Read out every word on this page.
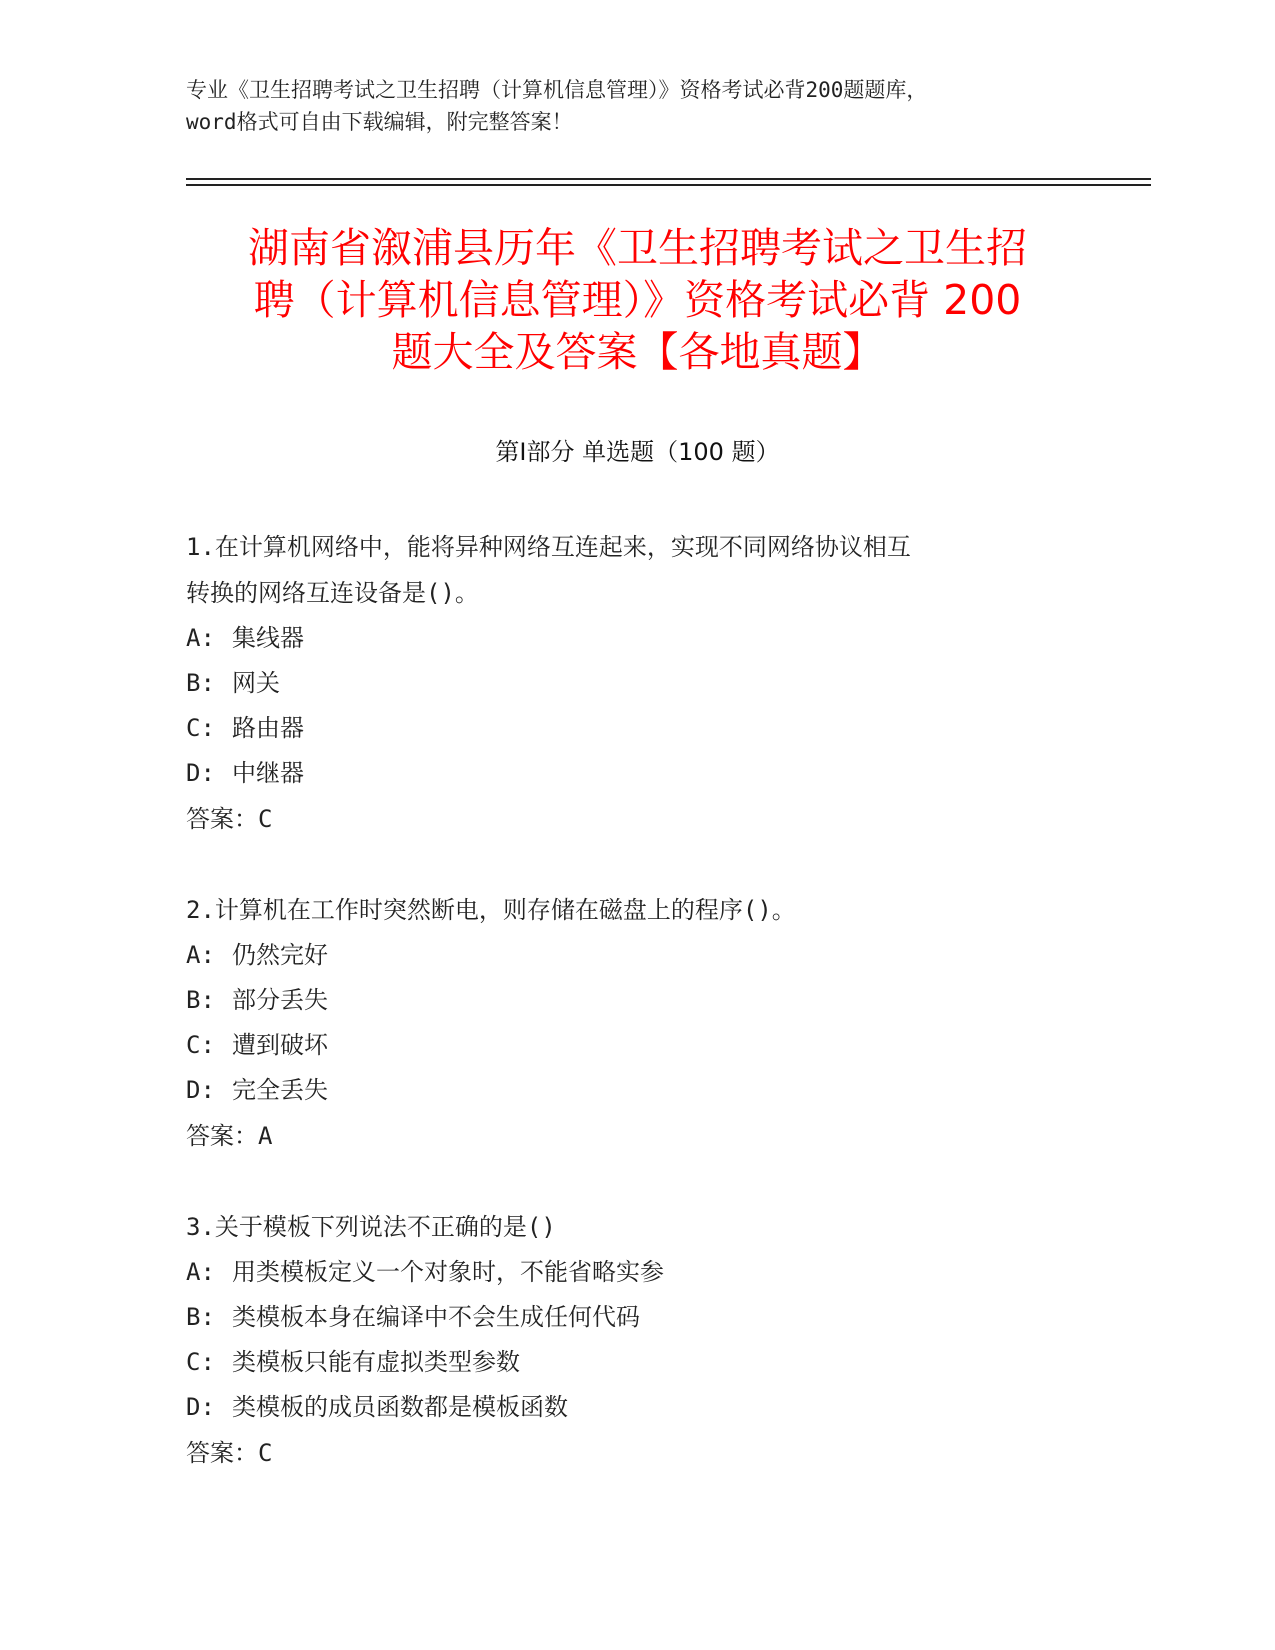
专业《卫生招聘考试之卫生招聘（计算机信息管理）》资格考试必背200题题库，
word格式可自由下载编辑，附完整答案！
湖南省溆浦县历年《卫生招聘考试之卫生招
聘（计算机信息管理）》资格考试必背 200
题大全及答案【各地真题】
第Ⅰ部分 单选题（100 题）

1.在计算机网络中，能将异种网络互连起来，实现不同网络协议相互

转换的网络互连设备是()。

A: 集线器

B: 网关

C: 路由器

D: 中继器

答案：C

2.计算机在工作时突然断电，则存储在磁盘上的程序()。

A: 仍然完好

B: 部分丢失

C: 遭到破坏

D: 完全丢失

答案：A

3.关于模板下列说法不正确的是()

A: 用类模板定义一个对象时，不能省略实参

B: 类模板本身在编译中不会生成任何代码

C: 类模板只能有虚拟类型参数

D: 类模板的成员函数都是模板函数

答案：C
